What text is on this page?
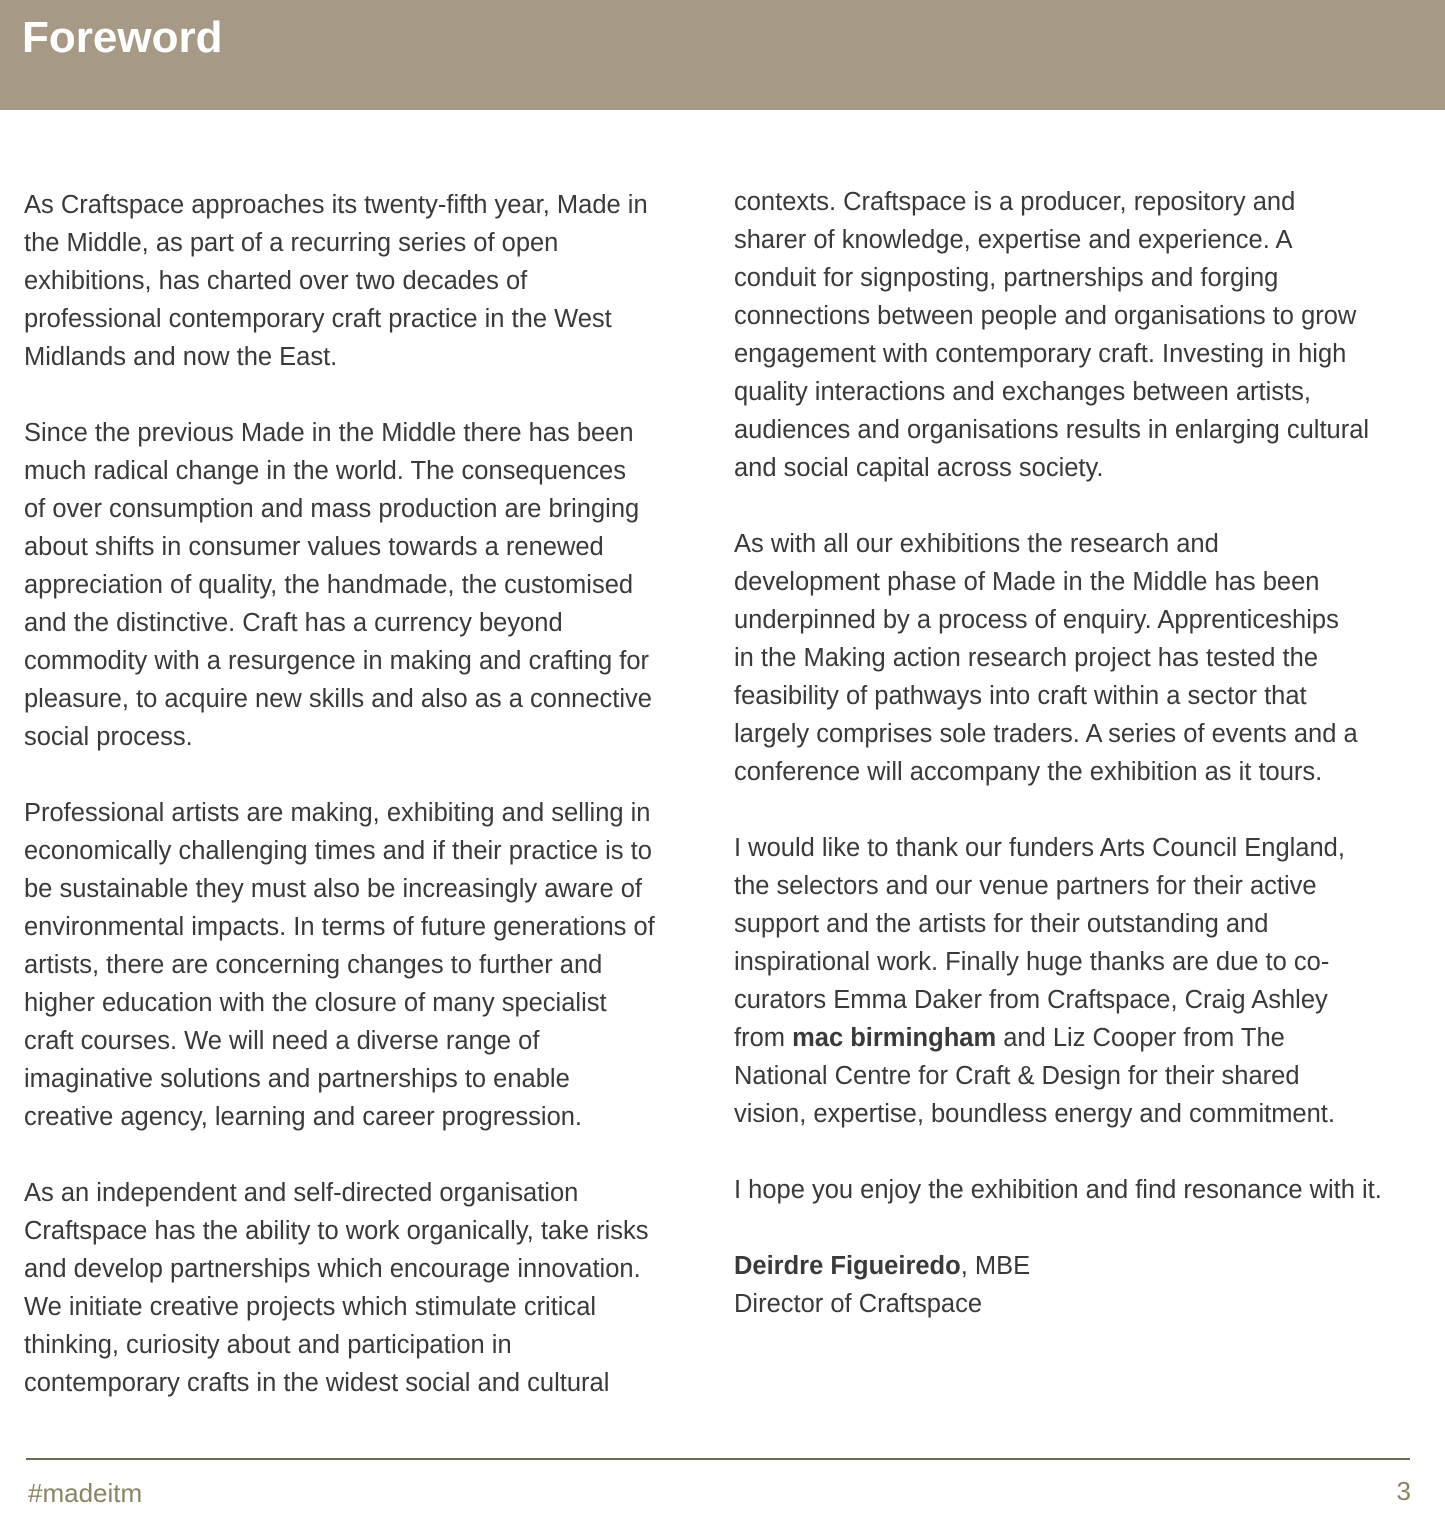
Foreword

As Craftspace approaches its twenty-fifth year, Made in
the Middle, as part of a recurring series of open
exhibitions, has charted over two decades of
professional contemporary craft practice in the West
Midlands and now the East.

Since the previous Made in the Middle there has been
much radical change in the world. The consequences
of over consumption and mass production are bringing
about shifts in consumer values towards a renewed
appreciation of quality, the handmade, the customised
and the distinctive. Craft has a currency beyond
commodity with a resurgence in making and crafting for
pleasure, to acquire new skills and also as a connective
social process.

Professional artists are making, exhibiting and selling in
economically challenging times and if their practice is to
be sustainable they must also be increasingly aware of
environmental impacts. In terms of future generations of
artists, there are concerning changes to further and
higher education with the closure of many specialist
craft courses. We will need a diverse range of
imaginative solutions and partnerships to enable
creative agency, learning and career progression.

As an independent and self-directed organisation
Craftspace has the ability to work organically, take risks
and develop partnerships which encourage innovation.
We initiate creative projects which stimulate critical
thinking, curiosity about and participation in
contemporary crafts in the widest social and cultural

contexts. Craftspace is a producer, repository and
sharer of knowledge, expertise and experience. A
conduit for signposting, partnerships and forging
connections between people and organisations to grow
engagement with contemporary craft. Investing in high
quality interactions and exchanges between artists,
audiences and organisations results in enlarging cultural
and social capital across society.

As with all our exhibitions the research and
development phase of Made in the Middle has been
underpinned by a process of enquiry. Apprenticeships
in the Making action research project has tested the
feasibility of pathways into craft within a sector that
largely comprises sole traders. A series of events and a
conference will accompany the exhibition as it tours.

I would like to thank our funders Arts Council England,
the selectors and our venue partners for their active
support and the artists for their outstanding and
inspirational work. Finally huge thanks are due to co-
curators Emma Daker from Craftspace, Craig Ashley
from mac birmingham and Liz Cooper from The
National Centre for Craft & Design for their shared
vision, expertise, boundless energy and commitment.

I hope you enjoy the exhibition and find resonance with it.

Deirdre Figueiredo, MBE

Director of Craftspace

#madeitm	3
